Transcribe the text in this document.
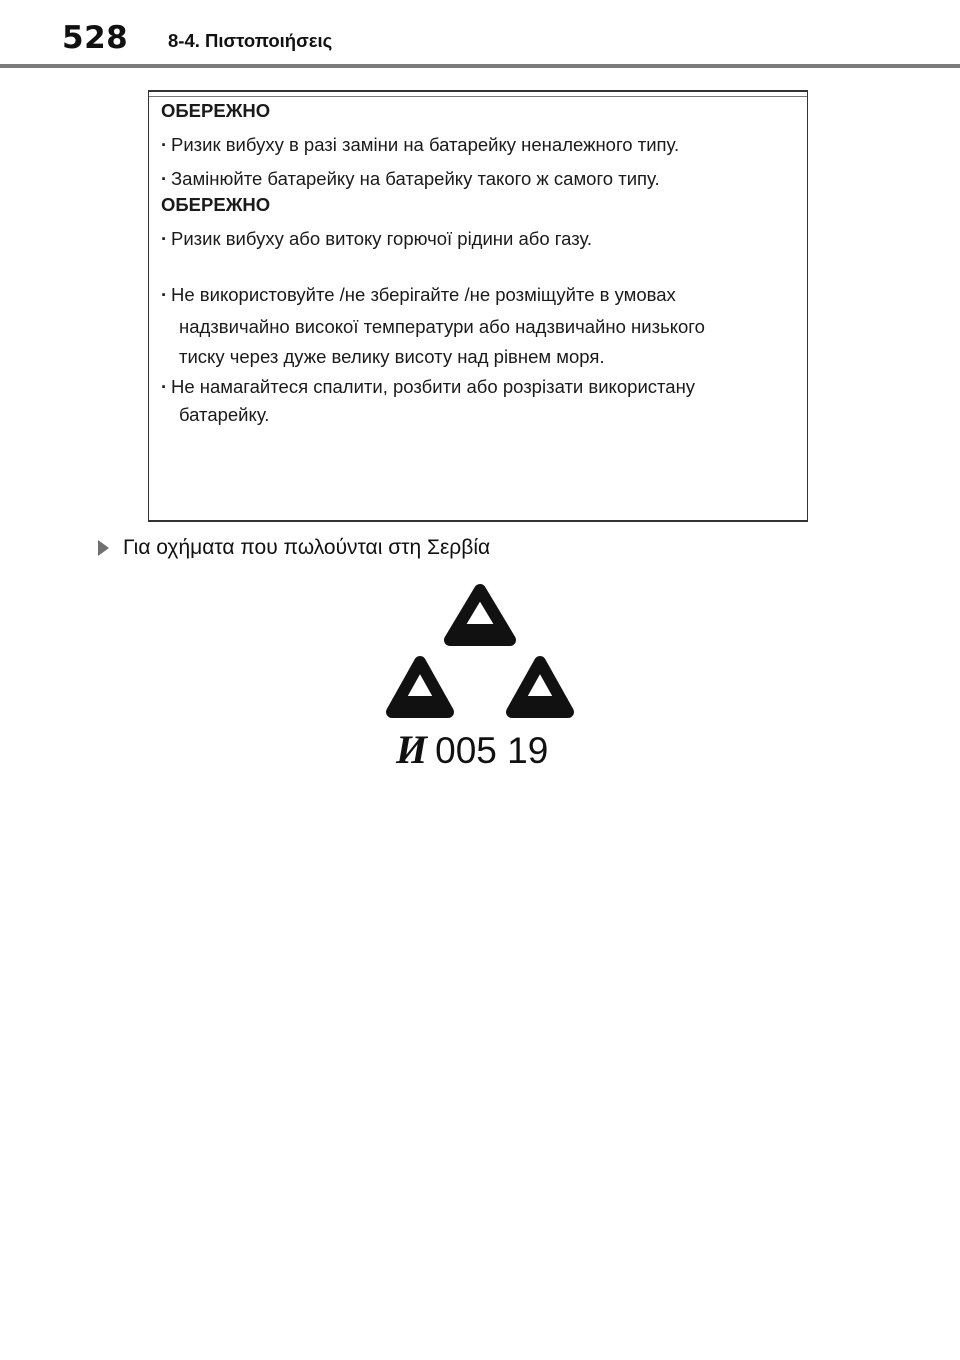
528 8-4. Πιστοποιήσεις
ОБЕРЕЖНО
· Ризик вибуху в разі заміни на батарейку неналежного типу.
· Замінюйте батарейку на батарейку такого ж самого типу.
ОБЕРЕЖНО
· Ризик вибуху або витоку горючої рідини або газу.
· Не використовуйте /не зберігайте /не розміщуйте в умовах
надзвичайно високої температури або надзвичайно низького
тиску через дуже велику висоту над рівнем моря.
· Не намагайтеся спалити, розбити або розрізати використану
батарейку.
Για οχήματα που πωλούνται στη Σερβία
И 005 19
